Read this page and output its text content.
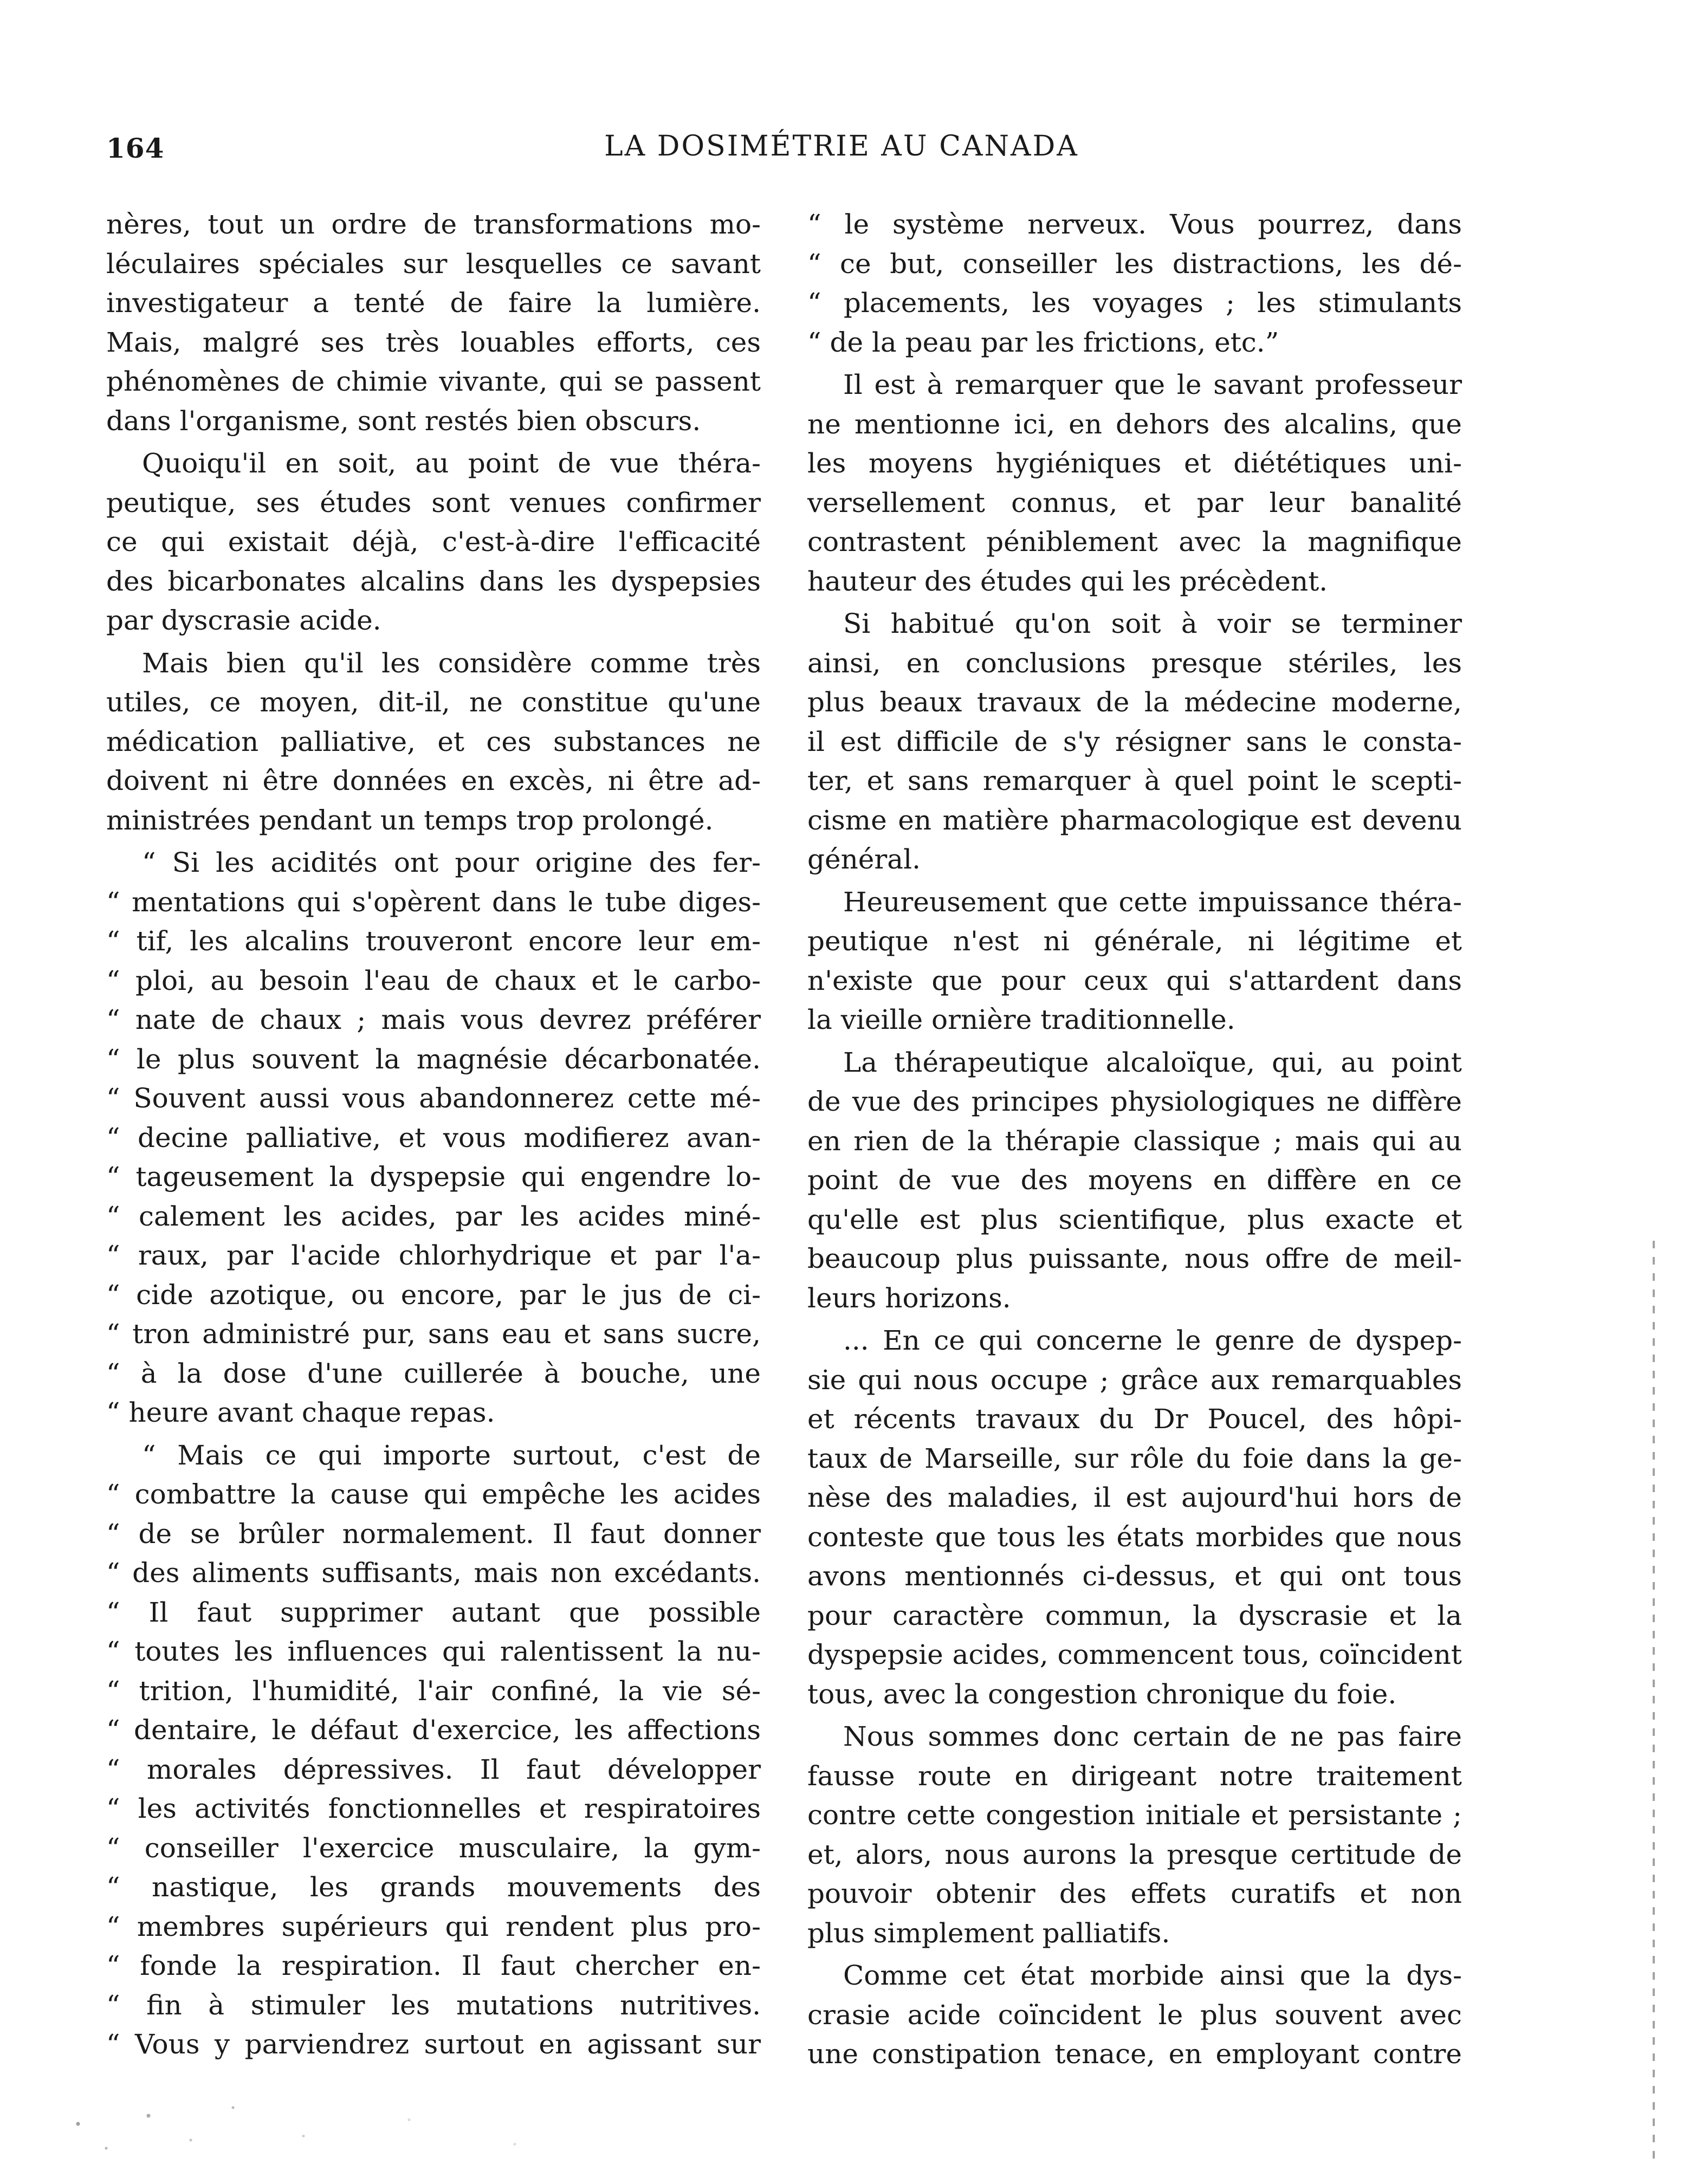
164	LA DOSIMÉTRIE AU CANADA
nères, tout un ordre de transformations mo-
léculaires spéciales sur lesquelles ce savant
investigateur a tenté de faire la lumière.
Mais, malgré ses très louables efforts, ces
phénomènes de chimie vivante, qui se passent
dans l'organisme, sont restés bien obscurs.
Quoiqu'il en soit, au point de vue théra-
peutique, ses études sont venues confirmer
ce qui existait déjà, c'est-à-dire l'efficacité
des bicarbonates alcalins dans les dyspepsies
par dyscrasie acide.
Mais bien qu'il les considère comme très
utiles, ce moyen, dit-il, ne constitue qu'une
médication palliative, et ces substances ne
doivent ni être données en excès, ni être ad-
ministrées pendant un temps trop prolongé.
“ Si les acidités ont pour origine des fer-
“ mentations qui s'opèrent dans le tube diges-
“ tif, les alcalins trouveront encore leur em-
“ ploi, au besoin l'eau de chaux et le carbo-
“ nate de chaux ; mais vous devrez préférer
“ le plus souvent la magnésie décarbonatée.
“ Souvent aussi vous abandonnerez cette mé-
“ decine palliative, et vous modifierez avan-
“ tageusement la dyspepsie qui engendre lo-
“ calement les acides, par les acides miné-
“ raux, par l'acide chlorhydrique et par l'a-
“ cide azotique, ou encore, par le jus de ci-
“ tron administré pur, sans eau et sans sucre,
“ à la dose d'une cuillerée à bouche, une
“ heure avant chaque repas.
“ Mais ce qui importe surtout, c'est de
“ combattre la cause qui empêche les acides
“ de se brûler normalement. Il faut donner
“ des aliments suffisants, mais non excédants.
“ Il faut supprimer autant que possible
“ toutes les influences qui ralentissent la nu-
“ trition, l'humidité, l'air confiné, la vie sé-
“ dentaire, le défaut d'exercice, les affections
“ morales dépressives. Il faut développer
“ les activités fonctionnelles et respiratoires
“ conseiller l'exercice musculaire, la gym-
“ nastique, les grands mouvements des
“ membres supérieurs qui rendent plus pro-
“ fonde la respiration. Il faut chercher en-
“ fin à stimuler les mutations nutritives.
“ Vous y parviendrez surtout en agissant sur
“ le système nerveux. Vous pourrez, dans
“ ce but, conseiller les distractions, les dé-
“ placements, les voyages ; les stimulants
“ de la peau par les frictions, etc.”
Il est à remarquer que le savant professeur
ne mentionne ici, en dehors des alcalins, que
les moyens hygiéniques et diététiques uni-
versellement connus, et par leur banalité
contrastent péniblement avec la magnifique
hauteur des études qui les précèdent.
Si habitué qu'on soit à voir se terminer
ainsi, en conclusions presque stériles, les
plus beaux travaux de la médecine moderne,
il est difficile de s'y résigner sans le consta-
ter, et sans remarquer à quel point le scepti-
cisme en matière pharmacologique est devenu
général.
Heureusement que cette impuissance théra-
peutique n'est ni générale, ni légitime et
n'existe que pour ceux qui s'attardent dans
la vieille ornière traditionnelle.
La thérapeutique alcaloïque, qui, au point
de vue des principes physiologiques ne diffère
en rien de la thérapie classique ; mais qui au
point de vue des moyens en diffère en ce
qu'elle est plus scientifique, plus exacte et
beaucoup plus puissante, nous offre de meil-
leurs horizons.
... En ce qui concerne le genre de dyspep-
sie qui nous occupe ; grâce aux remarquables
et récents travaux du Dr Poucel, des hôpi-
taux de Marseille, sur rôle du foie dans la ge-
nèse des maladies, il est aujourd'hui hors de
conteste que tous les états morbides que nous
avons mentionnés ci-dessus, et qui ont tous
pour caractère commun, la dyscrasie et la
dyspepsie acides, commencent tous, coïncident
tous, avec la congestion chronique du foie.
Nous sommes donc certain de ne pas faire
fausse route en dirigeant notre traitement
contre cette congestion initiale et persistante ;
et, alors, nous aurons la presque certitude de
pouvoir obtenir des effets curatifs et non
plus simplement palliatifs.
Comme cet état morbide ainsi que la dys-
crasie acide coïncident le plus souvent avec
une constipation tenace, en employant contre
